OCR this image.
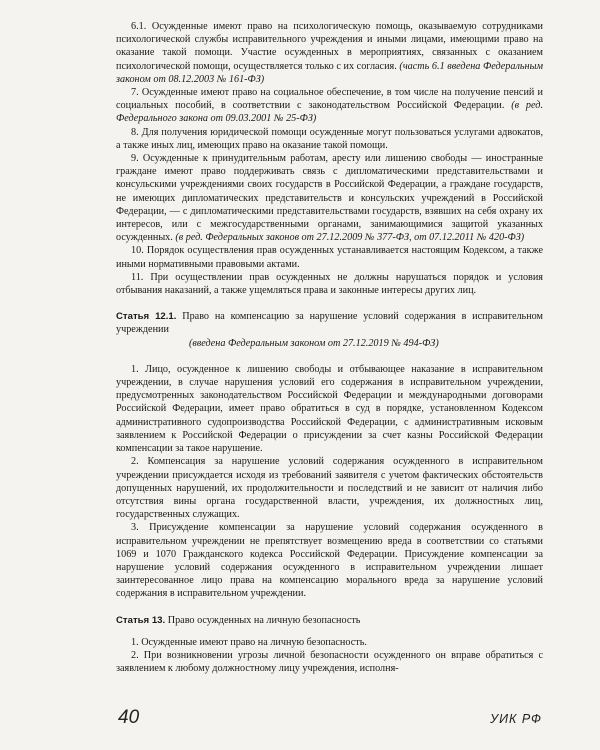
6.1. Осужденные имеют право на психологическую помощь, оказываемую сотрудниками психологической службы исправительного учреждения и иными лицами, имеющими право на оказание такой помощи. Участие осужденных в мероприятиях, связанных с оказанием психологической помощи, осуществляется только с их согласия. (часть 6.1 введена Федеральным законом от 08.12.2003 № 161-ФЗ)

7. Осужденные имеют право на социальное обеспечение, в том числе на получение пенсий и социальных пособий, в соответствии с законодательством Российской Федерации. (в ред. Федерального закона от 09.03.2001 № 25-ФЗ)

8. Для получения юридической помощи осужденные могут пользоваться услугами адвокатов, а также иных лиц, имеющих право на оказание такой помощи.

9. Осужденные к принудительным работам, аресту или лишению свободы — иностранные граждане имеют право поддерживать связь с дипломатическими представительствами и консульскими учреждениями своих государств в Российской Федерации, а граждане государств, не имеющих дипломатических представительств и консульских учреждений в Российской Федерации, — с дипломатическими представительствами государств, взявших на себя охрану их интересов, или с межгосударственными органами, занимающимися защитой указанных осужденных. (в ред. Федеральных законов от 27.12.2009 № 377-ФЗ, от 07.12.2011 № 420-ФЗ)

10. Порядок осуществления прав осужденных устанавливается настоящим Кодексом, а также иными нормативными правовыми актами.

11. При осуществлении прав осужденных не должны нарушаться порядок и условия отбывания наказаний, а также ущемляться права и законные интересы других лиц.

Статья 12.1. Право на компенсацию за нарушение условий содержания в исправительном учреждении
(введена Федеральным законом от 27.12.2019 № 494-ФЗ)

1. Лицо, осужденное к лишению свободы и отбывающее наказание в исправительном учреждении, в случае нарушения условий его содержания в исправительном учреждении, предусмотренных законодательством Российской Федерации и международными договорами Российской Федерации, имеет право обратиться в суд в порядке, установленном Кодексом административного судопроизводства Российской Федерации, с административным исковым заявлением к Российской Федерации о присуждении за счет казны Российской Федерации компенсации за такое нарушение.

2. Компенсация за нарушение условий содержания осужденного в исправительном учреждении присуждается исходя из требований заявителя с учетом фактических обстоятельств допущенных нарушений, их продолжительности и последствий и не зависит от наличия либо отсутствия вины органа государственной власти, учреждения, их должностных лиц, государственных служащих.

3. Присуждение компенсации за нарушение условий содержания осужденного в исправительном учреждении не препятствует возмещению вреда в соответствии со статьями 1069 и 1070 Гражданского кодекса Российской Федерации. Присуждение компенсации за нарушение условий содержания осужденного в исправительном учреждении лишает заинтересованное лицо права на компенсацию морального вреда за нарушение условий содержания в исправительном учреждении.

Статья 13. Право осужденных на личную безопасность

1. Осужденные имеют право на личную безопасность.

2. При возникновении угрозы личной безопасности осужденного он вправе обратиться с заявлением к любому должностному лицу учреждения, исполня-

40	УИК РФ
